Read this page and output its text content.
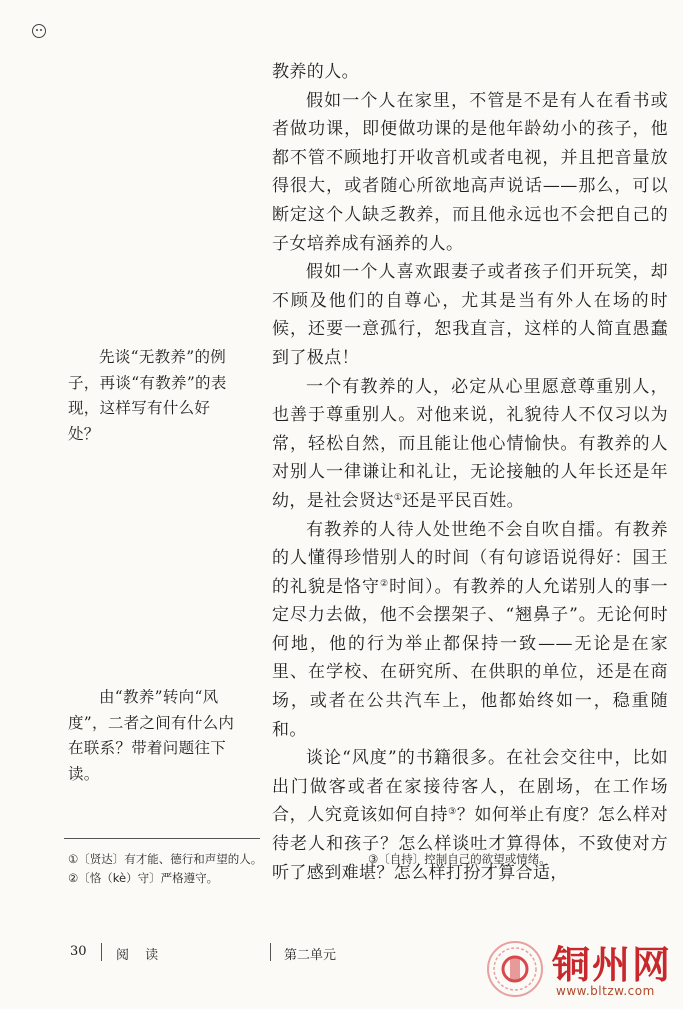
教养的人。

假如一个人在家里，不管是不是有人在看书或者做功课，即便做功课的是他年龄幼小的孩子，他都不管不顾地打开收音机或者电视，并且把音量放得很大，或者随心所欲地高声说话——那么，可以断定这个人缺乏教养，而且他永远也不会把自己的子女培养成有涵养的人。

假如一个人喜欢跟妻子或者孩子们开玩笑，却不顾及他们的自尊心，尤其是当有外人在场的时候，还要一意孤行，恕我直言，这样的人简直愚蠢到了极点！

一个有教养的人，必定从心里愿意尊重别人，也善于尊重别人。对他来说，礼貌待人不仅习以为常，轻松自然，而且能让他心情愉快。有教养的人对别人一律谦让和礼让，无论接触的人年长还是年幼，是社会贤达①还是平民百姓。

有教养的人待人处世绝不会自吹自擂。有教养的人懂得珍惜别人的时间（有句谚语说得好：国王的礼貌是恪守②时间）。有教养的人允诺别人的事一定尽力去做，他不会摆架子、“翘鼻子”。无论何时何地，他的行为举止都保持一致——无论是在家里、在学校、在研究所、在供职的单位，还是在商场，或者在公共汽车上，他都始终如一，稳重随和。

谈论“风度”的书籍很多。在社会交往中，比如出门做客或者在家接待客人，在剧场，在工作场合，人究竟该如何自持③？如何举止有度？怎么样对待老人和孩子？怎么样谈吐才算得体，不致使对方听了感到难堪？怎么样打扮才算合适，

先谈“无教养”的例子，再谈“有教养”的表现，这样写有什么好处？

由“教养”转向“风度”，二者之间有什么内在联系？带着问题往下读。

①〔贤达〕有才能、德行和声望的人。

②〔恪（kè）守〕严格遵守。

③〔自持〕控制自己的欲望或情绪。

30 阅 读	第二单元	铜州网
www.bltzw.com
